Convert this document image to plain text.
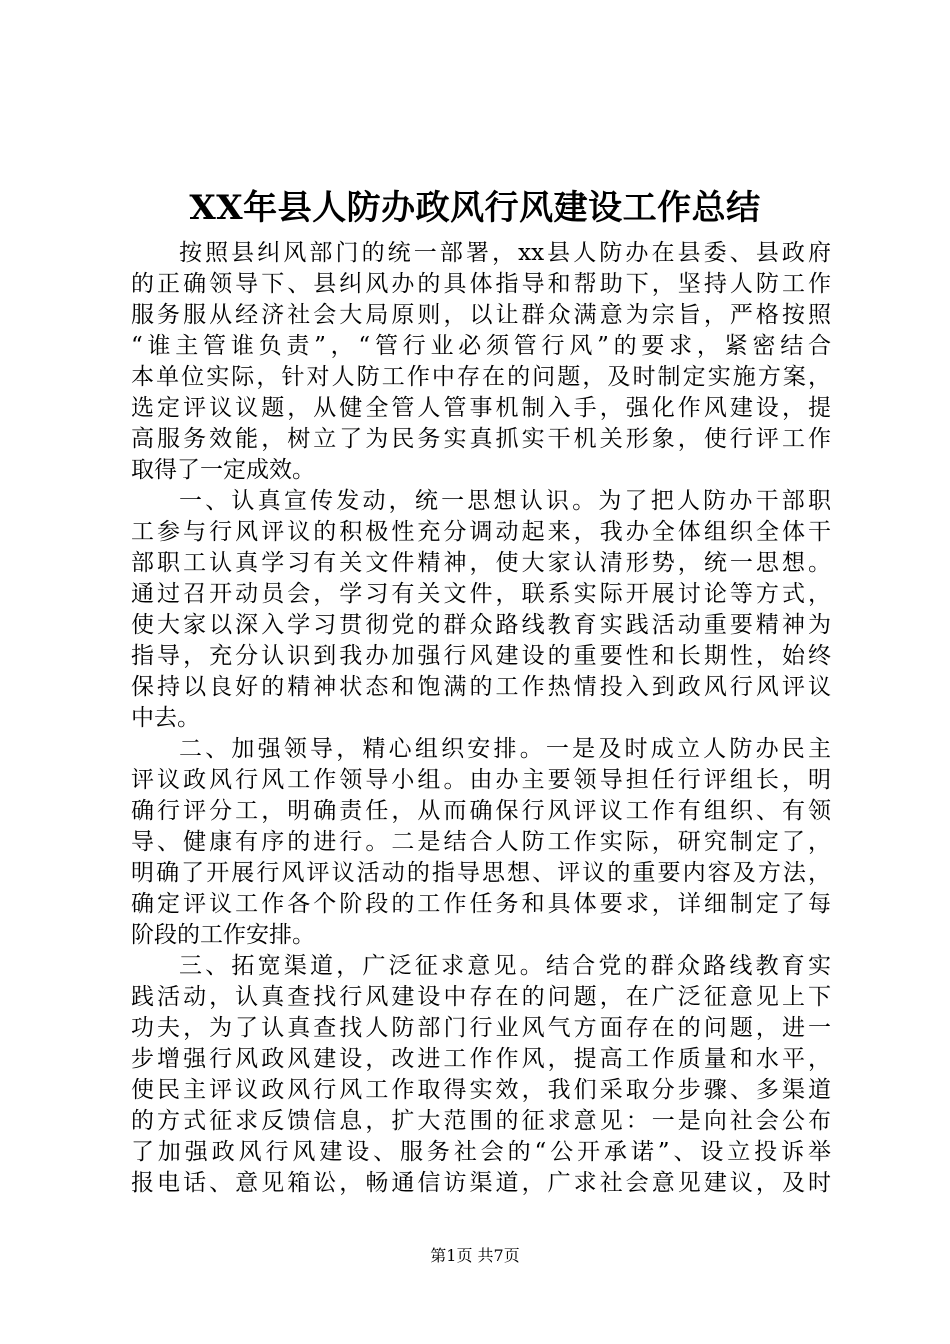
XX年县人防办政风行风建设工作总结
按照县纠风部门的统一部署，xx县人防办在县委、县政府
的正确领导下、县纠风办的具体指导和帮助下，坚持人防工作
服务服从经济社会大局原则，以让群众满意为宗旨，严格按照
“谁主管谁负责”，“管行业必须管行风”的要求，紧密结合
本单位实际，针对人防工作中存在的问题，及时制定实施方案，
选定评议议题，从健全管人管事机制入手，强化作风建设，提
高服务效能，树立了为民务实真抓实干机关形象，使行评工作
取得了一定成效。
一、认真宣传发动，统一思想认识。为了把人防办干部职
工参与行风评议的积极性充分调动起来，我办全体组织全体干
部职工认真学习有关文件精神，使大家认清形势，统一思想。
通过召开动员会，学习有关文件，联系实际开展讨论等方式，
使大家以深入学习贯彻党的群众路线教育实践活动重要精神为
指导，充分认识到我办加强行风建设的重要性和长期性，始终
保持以良好的精神状态和饱满的工作热情投入到政风行风评议
中去。
二、加强领导，精心组织安排。一是及时成立人防办民主
评议政风行风工作领导小组。由办主要领导担任行评组长，明
确行评分工，明确责任，从而确保行风评议工作有组织、有领
导、健康有序的进行。二是结合人防工作实际，研究制定了，
明确了开展行风评议活动的指导思想、评议的重要内容及方法，
确定评议工作各个阶段的工作任务和具体要求，详细制定了每
阶段的工作安排。
三、拓宽渠道，广泛征求意见。结合党的群众路线教育实
践活动，认真查找行风建设中存在的问题，在广泛征意见上下
功夫，为了认真查找人防部门行业风气方面存在的问题，进一
步增强行风政风建设，改进工作作风，提高工作质量和水平，
使民主评议政风行风工作取得实效，我们采取分步骤、多渠道
的方式征求反馈信息，扩大范围的征求意见：一是向社会公布
了加强政风行风建设、服务社会的“公开承诺”、设立投诉举
报电话、意见箱讼，畅通信访渠道，广求社会意见建议，及时
第1页 共7页
